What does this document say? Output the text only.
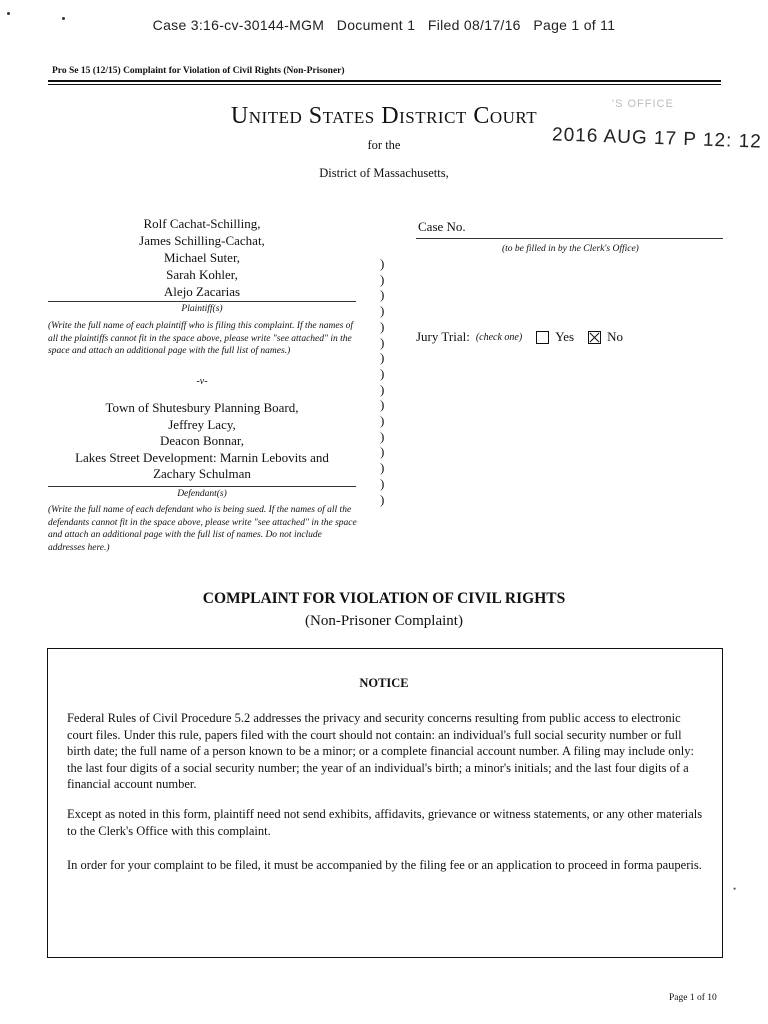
Case 3:16-cv-30144-MGM   Document 1   Filed 08/17/16   Page 1 of 11
Pro Se 15 (12/15) Complaint for Violation of Civil Rights (Non-Prisoner)
United States District Court
for the
District of Massachusetts,
'S OFFICE
2016 AUG 17 P 12: 12
Rolf Cachat-Schilling,
James Schilling-Cachat,
Michael Suter,
Sarah Kohler,
Alejo Zacarias
Plaintiff(s)
(Write the full name of each plaintiff who is filing this complaint. If the names of all the plaintiffs cannot fit in the space above, please write "see attached" in the space and attach an additional page with the full list of names.)
-v-
Town of Shutesbury Planning Board,
Jeffrey Lacy,
Deacon Bonnar,
Lakes Street Development: Marnin Lebovits and
Zachary Schulman
Defendant(s)
(Write the full name of each defendant who is being sued. If the names of all the defendants cannot fit in the space above, please write "see attached" in the space and attach an additional page with the full list of names. Do not include addresses here.)
)
)
)
)
)
)
)
)
)
)
)
)
)
)
)
)
Case No.
(to be filled in by the Clerk's Office)
Jury Trial: (check one)	Yes	No
COMPLAINT FOR VIOLATION OF CIVIL RIGHTS
(Non-Prisoner Complaint)
NOTICE
Federal Rules of Civil Procedure 5.2 addresses the privacy and security concerns resulting from public access to electronic court files. Under this rule, papers filed with the court should not contain: an individual's full social security number or full birth date; the full name of a person known to be a minor; or a complete financial account number. A filing may include only: the last four digits of a social security number; the year of an individual's birth; a minor's initials; and the last four digits of a financial account number.
Except as noted in this form, plaintiff need not send exhibits, affidavits, grievance or witness statements, or any other materials to the Clerk's Office with this complaint.
In order for your complaint to be filed, it must be accompanied by the filing fee or an application to proceed in forma pauperis.
•
Page 1 of 10
